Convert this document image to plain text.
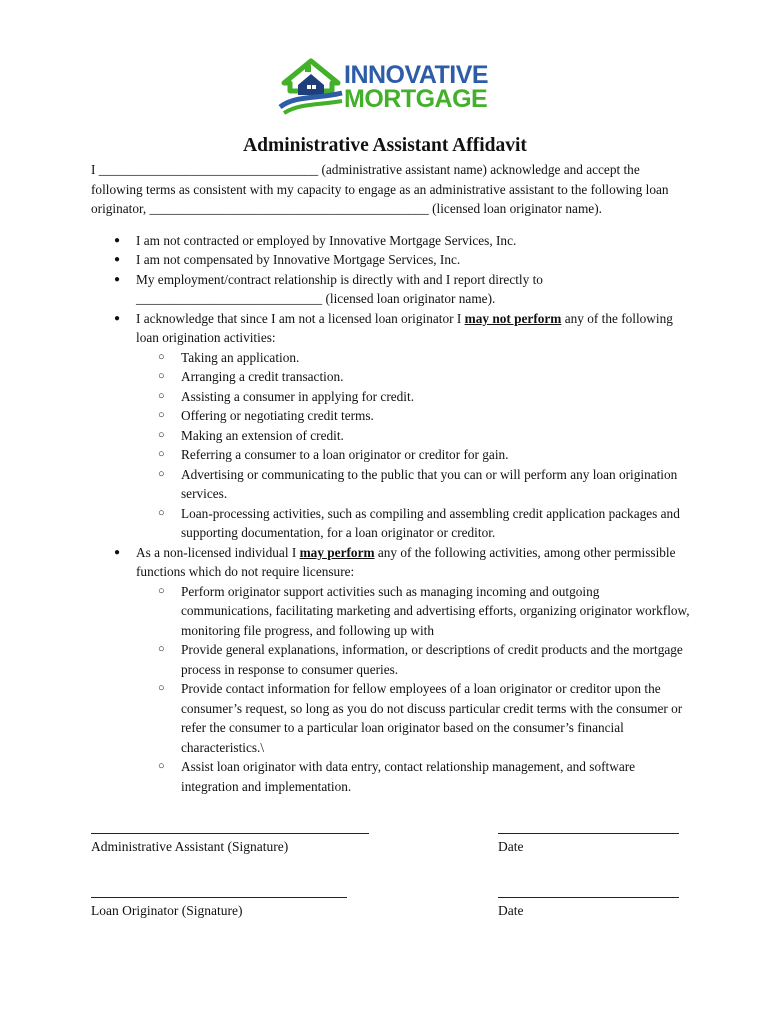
INNOVATIVE
MORTGAGE
Administrative Assistant Affidavit

I _________________________________ (administrative assistant name) acknowledge and accept the following terms as consistent with my capacity to engage as an administrative assistant to the following loan originator, __________________________________________ (licensed loan originator name).

● I am not contracted or employed by Innovative Mortgage Services, Inc.
● I am not compensated by Innovative Mortgage Services, Inc.
● My employment/contract relationship is directly with and I report directly to ____________________________ (licensed loan originator name).
● I acknowledge that since I am not a licensed loan originator I may not perform any of the following loan origination activities:
○ Taking an application.
○ Arranging a credit transaction.
○ Assisting a consumer in applying for credit.
○ Offering or negotiating credit terms.
○ Making an extension of credit.
○ Referring a consumer to a loan originator or creditor for gain.
○ Advertising or communicating to the public that you can or will perform any loan origination services.
○ Loan-processing activities, such as compiling and assembling credit application packages and supporting documentation, for a loan originator or creditor.
● As a non-licensed individual I may perform any of the following activities, among other permissible functions which do not require licensure:
○ Perform originator support activities such as managing incoming and outgoing communications, facilitating marketing and advertising efforts, organizing originator workflow, monitoring file progress, and following up with
○ Provide general explanations, information, or descriptions of credit products and the mortgage process in response to consumer queries.
○ Provide contact information for fellow employees of a loan originator or creditor upon the consumer’s request, so long as you do not discuss particular credit terms with the consumer or refer the consumer to a particular loan originator based on the consumer’s financial characteristics.\
○ Assist loan originator with data entry, contact relationship management, and software integration and implementation.
Administrative Assistant (Signature)	Date
Loan Originator (Signature)	Date
